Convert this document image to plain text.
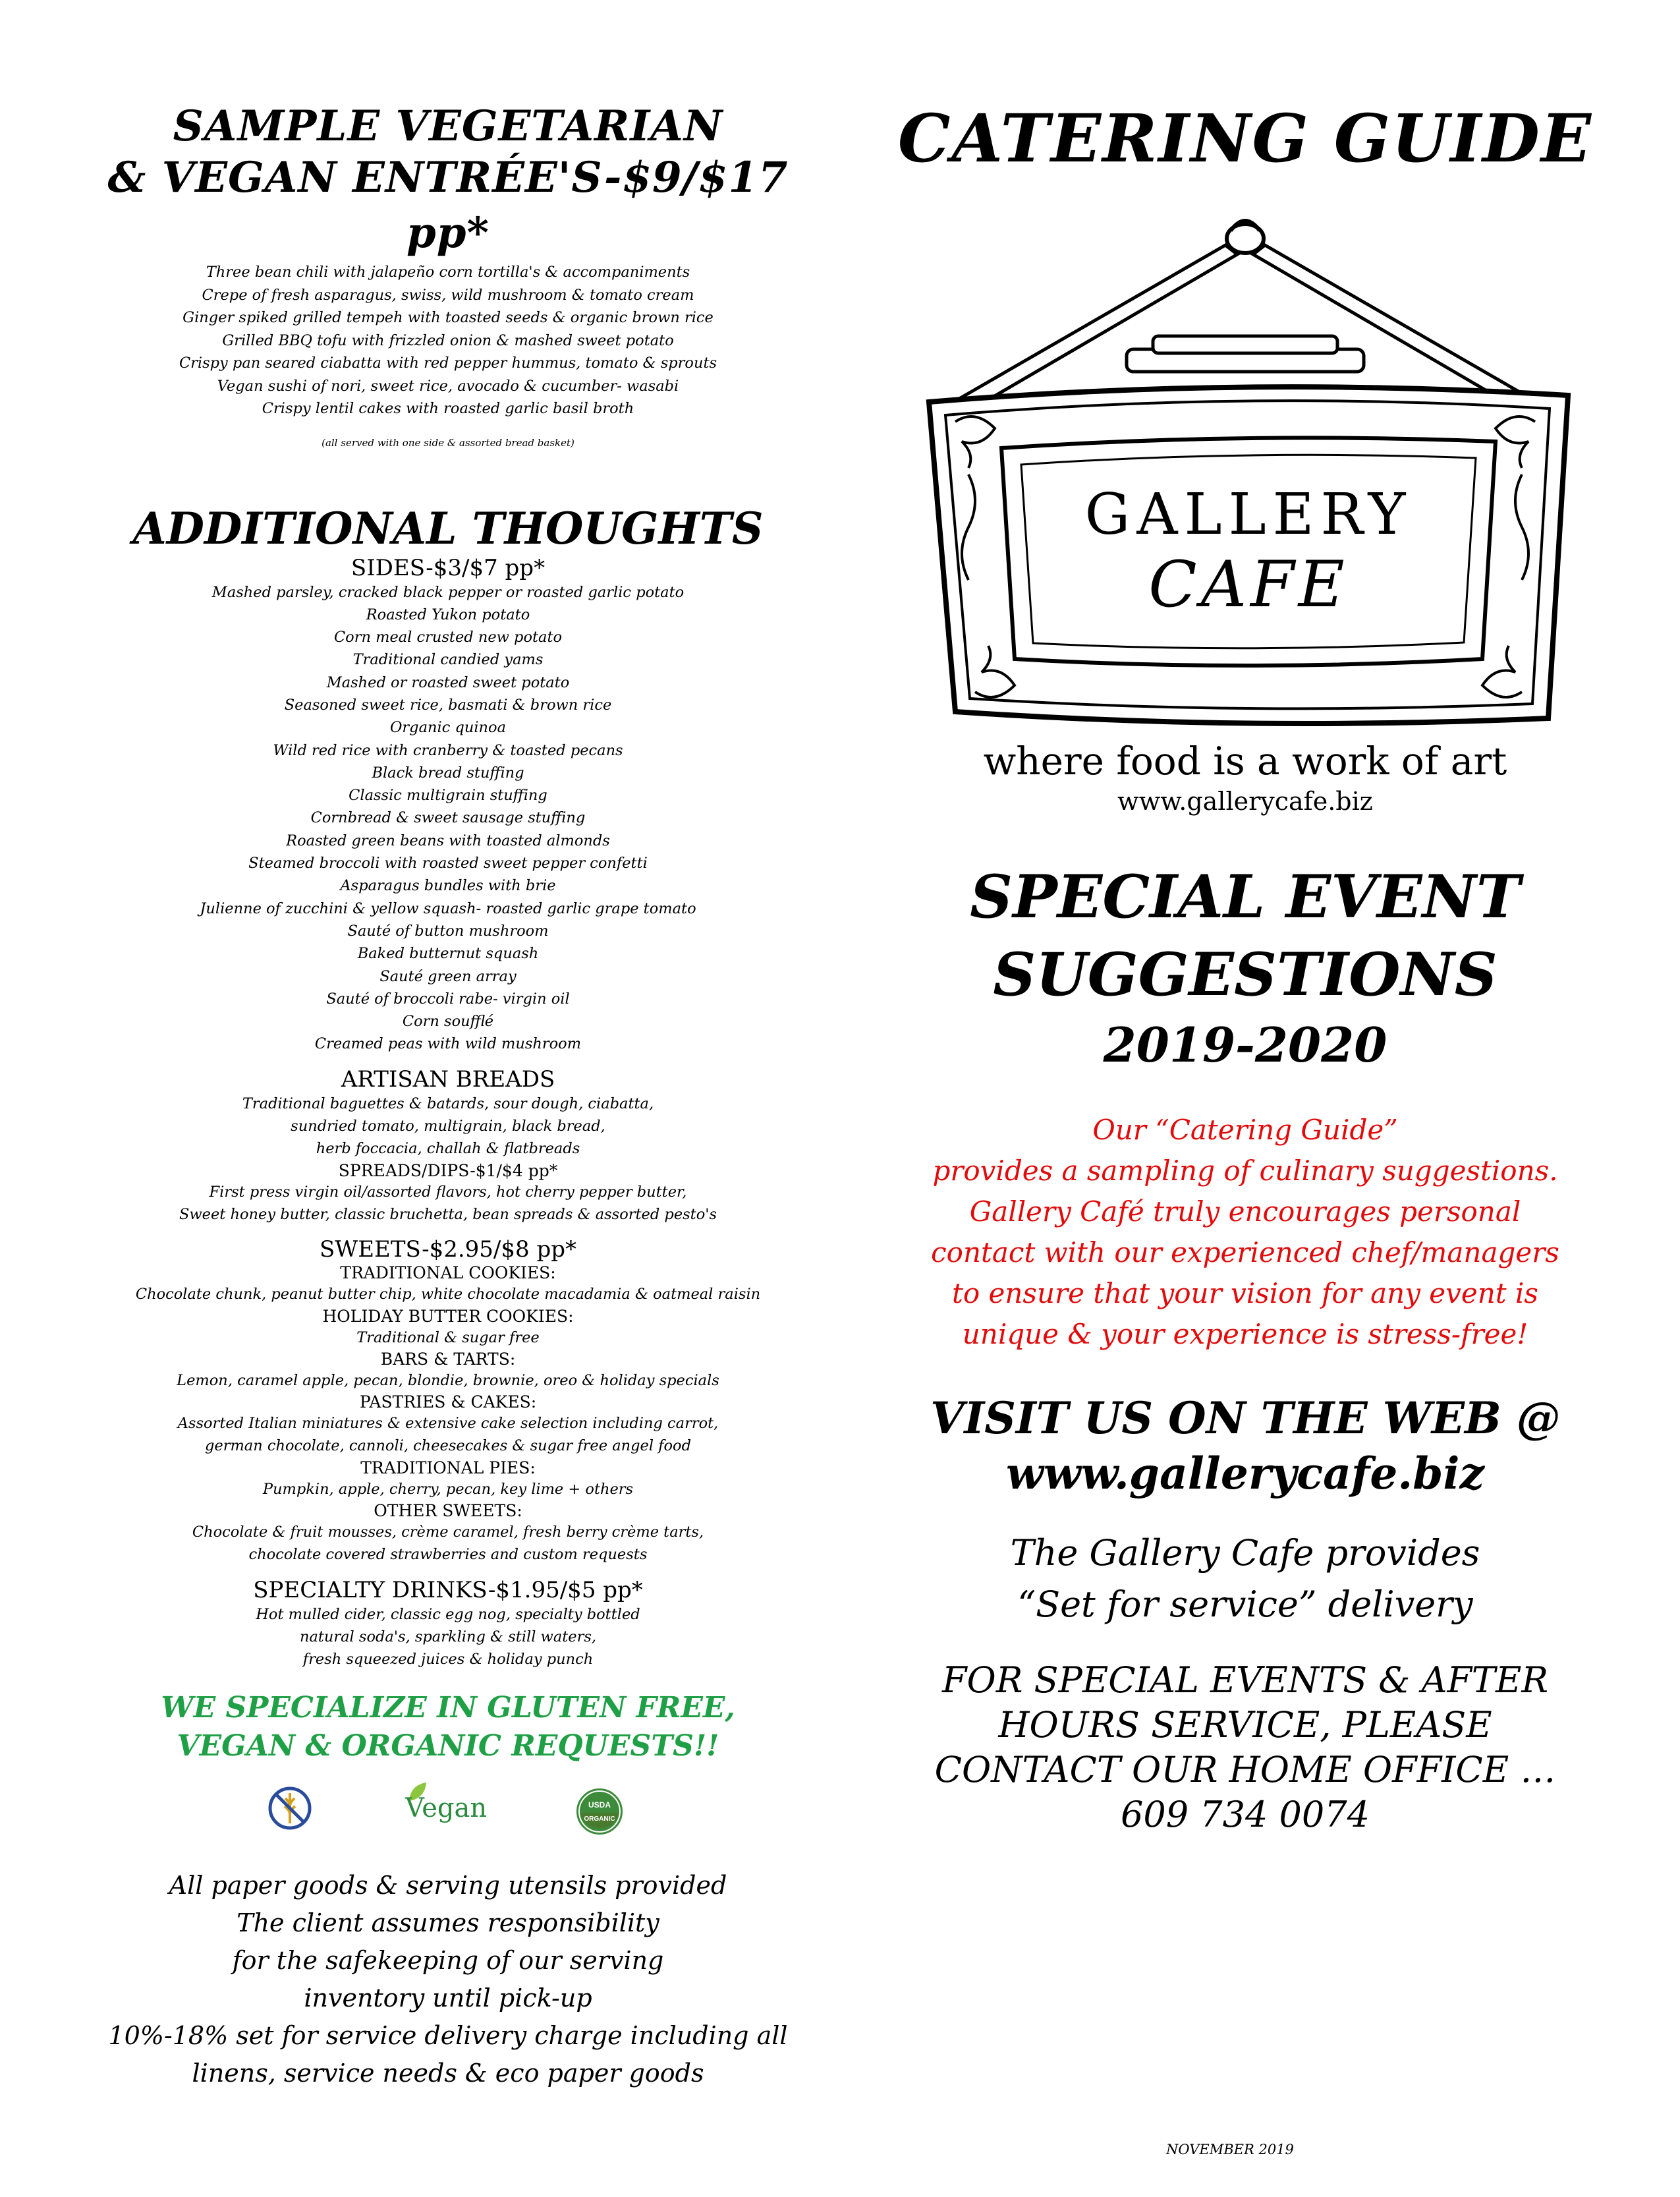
SAMPLE VEGETARIAN
& VEGAN ENTRÉE'S-$9/$17 pp*
Three bean chili with jalapeño corn tortilla's & accompaniments
Crepe of fresh asparagus, swiss, wild mushroom & tomato cream
Ginger spiked grilled tempeh with toasted seeds & organic brown rice
Grilled BBQ tofu with frizzled onion & mashed sweet potato
Crispy pan seared ciabatta with red pepper hummus, tomato & sprouts
Vegan sushi of nori, sweet rice, avocado & cucumber- wasabi
Crispy lentil cakes with roasted garlic basil broth
(all served with one side & assorted bread basket)
ADDITIONAL THOUGHTS
SIDES-$3/$7 pp*
Mashed parsley, cracked black pepper or roasted garlic potato
Roasted Yukon potato
Corn meal crusted new potato
Traditional candied yams
Mashed or roasted sweet potato
Seasoned sweet rice, basmati & brown rice
Organic quinoa
Wild red rice with cranberry & toasted pecans
Black bread stuffing
Classic multigrain stuffing
Cornbread & sweet sausage stuffing
Roasted green beans with toasted almonds
Steamed broccoli with roasted sweet pepper confetti
Asparagus bundles with brie
Julienne of zucchini & yellow squash- roasted garlic grape tomato
Sauté of button mushroom
Baked butternut squash
Sauté green array
Sauté of broccoli rabe- virgin oil
Corn soufflé
Creamed peas with wild mushroom
ARTISAN BREADS
Traditional baguettes & batards, sour dough, ciabatta,
sundried tomato, multigrain, black bread,
herb foccacia, challah & flatbreads
SPREADS/DIPS-$1/$4 pp*
First press virgin oil/assorted flavors, hot cherry pepper butter,
Sweet honey butter, classic bruchetta, bean spreads & assorted pesto's
SWEETS-$2.95/$8 pp*
TRADITIONAL COOKIES:
Chocolate chunk, peanut butter chip, white chocolate macadamia & oatmeal raisin
HOLIDAY BUTTER COOKIES:
Traditional & sugar free
BARS & TARTS:
Lemon, caramel apple, pecan, blondie, brownie, oreo & holiday specials
PASTRIES & CAKES:
Assorted Italian miniatures & extensive cake selection including carrot,
german chocolate, cannoli, cheesecakes & sugar free angel food
TRADITIONAL PIES:
Pumpkin, apple, cherry, pecan, key lime + others
OTHER SWEETS:
Chocolate & fruit mousses, crème caramel, fresh berry crème tarts,
chocolate covered strawberries and custom requests
SPECIALTY DRINKS-$1.95/$5 pp*
Hot mulled cider, classic egg nog, specialty bottled
natural soda's, sparkling & still waters,
fresh squeezed juices & holiday punch
WE SPECIALIZE IN GLUTEN FREE,
VEGAN & ORGANIC REQUESTS!!
Vegan	USDA
ORGANIC
All paper goods & serving utensils provided
The client assumes responsibility
for the safekeeping of our serving
inventory until pick-up
10%-18% set for service delivery charge including all
linens, service needs & eco paper goods
CATERING GUIDE
GALLERY
CAFE
where food is a work of art
www.gallerycafe.biz
SPECIAL EVENT
SUGGESTIONS
2019-2020
Our “Catering Guide”
provides a sampling of culinary suggestions.
Gallery Café truly encourages personal
contact with our experienced chef/managers
to ensure that your vision for any event is
unique & your experience is stress-free!
VISIT US ON THE WEB @
www.gallerycafe.biz
The Gallery Cafe provides
“Set for service” delivery
FOR SPECIAL EVENTS & AFTER
HOURS SERVICE, PLEASE
CONTACT OUR HOME OFFICE …
609 734 0074
NOVEMBER 2019
